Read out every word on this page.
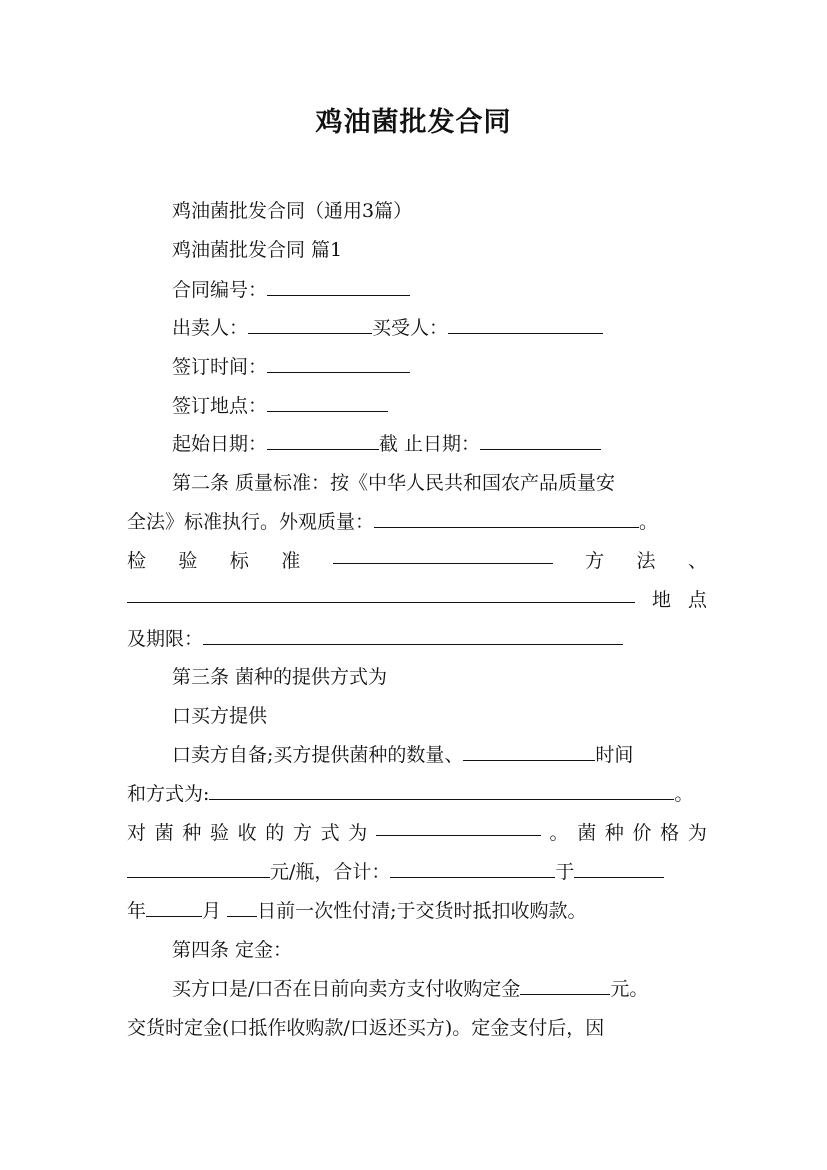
鸡油菌批发合同
鸡油菌批发合同（通用3篇）
鸡油菌批发合同 篇1
合同编号：
出卖人：	买受人：
签订时间：
签订地点：
起始日期：	截 止日期：
第二条 质量标准：按《中华人民共和国农产品质量安
全法》标准执行。外观质量：	。
检 验 标 准	方 法 、
地 点
及期限：
第三条 菌种的提供方式为
口买方提供
口卖方自备;买方提供菌种的数量、	时间
和方式为:	。
对 菌 种 验 收 的 方 式 为	。 菌 种 价 格 为
元/瓶，合计：	于
年	月 日前一次性付清;于交货时抵扣收购款。
第四条 定金：
买方口是/口否在日前向卖方支付收购定金	元。
交货时定金(口抵作收购款/口返还买方)。定金支付后，因
